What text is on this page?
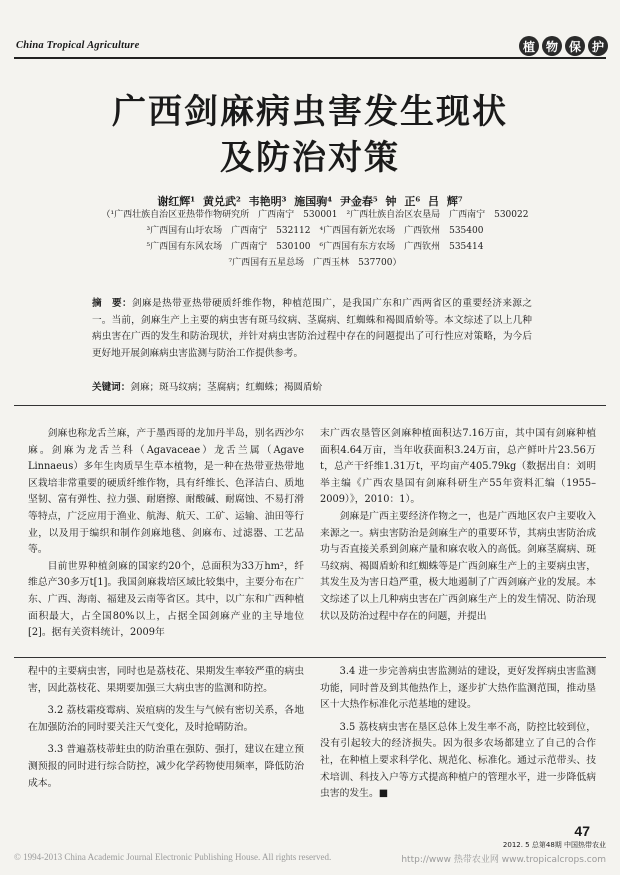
China Tropical Agriculture	植 物 保 护
广西剑麻病虫害发生现状
及防治对策
谢红辉¹ 黄兑武² 韦艳明³ 施国驹⁴ 尹金春⁵ 钟 正⁶ 吕 辉⁷
（¹广西壮族自治区亚热带作物研究所　广西南宁　530001　²广西壮族自治区农垦局　广西南宁　530022
³广西国有山圩农场　广西南宁　532112　⁴广西国有新光农场　广西钦州　535400
⁵广西国有东风农场　广西南宁　530100　⁶广西国有东方农场　广西钦州　535414
⁷广西国有五星总场　广西玉林　537700）
摘　要：剑麻是热带亚热带硬质纤维作物，种植范围广，是我国广东和广西两省区的重要经济来源之一。当前，剑麻生产上主要的病虫害有斑马纹病、茎腐病、红蜘蛛和褐圆盾蚧等。本文综述了以上几种病虫害在广西的发生和防治现状，并针对病虫害防治过程中存在的问题提出了可行性应对策略，为今后更好地开展剑麻病虫害监测与防治工作提供参考。
关键词：剑麻；斑马纹病；茎腐病；红蜘蛛；褐圆盾蚧

剑麻也称龙舌兰麻，产于墨西哥的龙加丹半岛，别名西沙尔麻。剑麻为龙舌兰科（Agavaceae）龙舌兰属（Agave Linnaeus）多年生肉质旱生草本植物，是一种在热带亚热带地区栽培非常重要的硬质纤维作物，具有纤维长、色泽洁白、质地坚韧、富有弹性、拉力强、耐磨擦、耐酸碱、耐腐蚀、不易打滑等特点，广泛应用于渔业、航海、航天、工矿、运输、油田等行业，以及用于编织和制作剑麻地毯、剑麻布、过滤器、工艺品等。

目前世界种植剑麻的国家约20个，总面积为33万hm²，纤维总产30多万t[1]。我国剑麻栽培区域比较集中，主要分布在广东、广西、海南、福建及云南等省区。其中，以广东和广西种植面积最大，占全国80%以上，占据全国剑麻产业的主导地位[2]。据有关资料统计，2009年

末广西农垦管区剑麻种植面积达7.16万亩，其中国有剑麻种植面积4.64万亩，当年收获面积3.24万亩，总产鲜叶片23.56万t，总产干纤维1.31万t，平均亩产405.79kg（数据出自：刘明举主编《广西农垦国有剑麻科研生产55年资料汇编（1955–2009）》，2010：1）。

剑麻是广西主要经济作物之一，也是广西地区农户主要收入来源之一。病虫害防治是剑麻生产的重要环节，其病虫害防治成功与否直接关系到剑麻产量和麻农收入的高低。剑麻茎腐病、斑马纹病、褐圆盾蚧和红蜘蛛等是广西剑麻生产上的主要病虫害，其发生及为害日趋严重，极大地遏制了广西剑麻产业的发展。本文综述了以上几种病虫害在广西剑麻生产上的发生情况、防治现状以及防治过程中存在的问题，并提出

程中的主要病虫害，同时也是荔枝花、果期发生率较严重的病虫害，因此荔枝花、果期要加强三大病虫害的监测和防控。

3.2 荔枝霜疫霉病、炭疽病的发生与气候有密切关系，各地在加强防治的同时要关注天气变化，及时抢晴防治。

3.3 普遍荔枝蒂蛀虫的防治重在强防、强打，建议在建立预测预报的同时进行综合防控，减少化学药物使用频率，降低防治成本。

3.4 进一步完善病虫害监测站的建设，更好发挥病虫害监测功能，同时普及到其他热作上，逐步扩大热作监测范围，推动垦区十大热作标准化示范基地的建设。

3.5 荔枝病虫害在垦区总体上发生率不高，防控比较到位，没有引起较大的经济损失。因为很多农场都建立了自己的合作社，在种植上要求科学化、规范化、标准化。通过示范带头、技术培训、科技入户等方式提高种植户的管理水平，进一步降低病虫害的发生。■

47
2012. 5 总第48期 中国热带农业
© 1994-2013 China Academic Journal Electronic Publishing House. All rights reserved.	http://www 热带农业网 www.tropicalcrops.com
